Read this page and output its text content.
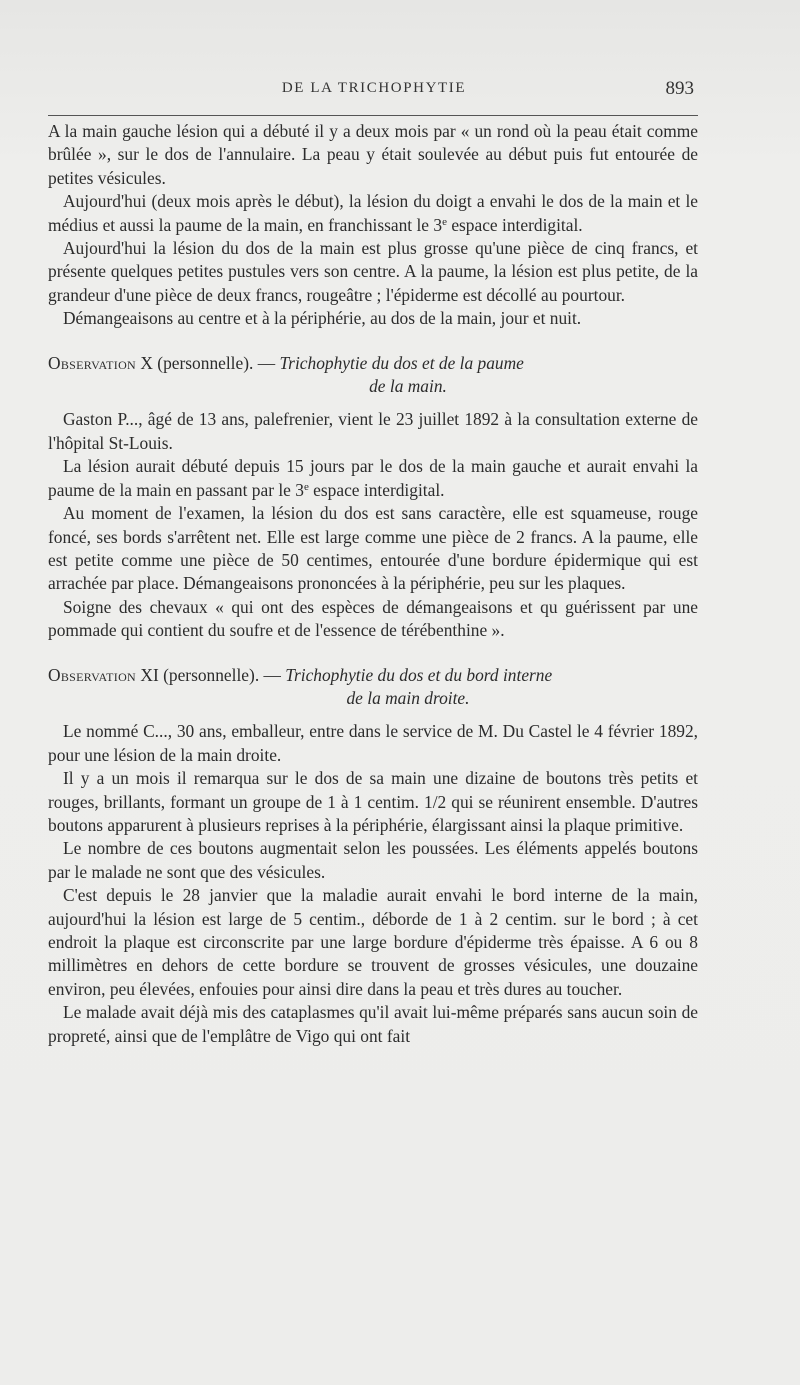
DE LA TRICHOPHYTIE	893

A la main gauche lésion qui a débuté il y a deux mois par « un rond où la peau était comme brûlée », sur le dos de l'annulaire. La peau y était soulevée au début puis fut entourée de petites vésicules.

Aujourd'hui (deux mois après le début), la lésion du doigt a envahi le dos de la main et le médius et aussi la paume de la main, en franchissant le 3e espace interdigital.

Aujourd'hui la lésion du dos de la main est plus grosse qu'une pièce de cinq francs, et présente quelques petites pustules vers son centre. A la paume, la lésion est plus petite, de la grandeur d'une pièce de deux francs, rougeâtre ; l'épiderme est décollé au pourtour.

Démangeaisons au centre et à la périphérie, au dos de la main, jour et nuit.

Observation X (personnelle). — Trichophytie du dos et de la paume
de la main.

Gaston P..., âgé de 13 ans, palefrenier, vient le 23 juillet 1892 à la consultation externe de l'hôpital St-Louis.

La lésion aurait débuté depuis 15 jours par le dos de la main gauche et aurait envahi la paume de la main en passant par le 3e espace interdigital.

Au moment de l'examen, la lésion du dos est sans caractère, elle est squameuse, rouge foncé, ses bords s'arrêtent net. Elle est large comme une pièce de 2 francs. A la paume, elle est petite comme une pièce de 50 centimes, entourée d'une bordure épidermique qui est arrachée par place. Démangeaisons prononcées à la périphérie, peu sur les plaques.

Soigne des chevaux « qui ont des espèces de démangeaisons et qu guérissent par une pommade qui contient du soufre et de l'essence de térébenthine ».

Observation XI (personnelle). — Trichophytie du dos et du bord interne
de la main droite.

Le nommé C..., 30 ans, emballeur, entre dans le service de M. Du Castel le 4 février 1892, pour une lésion de la main droite.

Il y a un mois il remarqua sur le dos de sa main une dizaine de boutons très petits et rouges, brillants, formant un groupe de 1 à 1 centim. 1/2 qui se réunirent ensemble. D'autres boutons apparurent à plusieurs reprises à la périphérie, élargissant ainsi la plaque primitive.

Le nombre de ces boutons augmentait selon les poussées. Les éléments appelés boutons par le malade ne sont que des vésicules.

C'est depuis le 28 janvier que la maladie aurait envahi le bord interne de la main, aujourd'hui la lésion est large de 5 centim., déborde de 1 à 2 centim. sur le bord ; à cet endroit la plaque est circonscrite par une large bordure d'épiderme très épaisse. A 6 ou 8 millimètres en dehors de cette bordure se trouvent de grosses vésicules, une douzaine environ, peu élevées, enfouies pour ainsi dire dans la peau et très dures au toucher.

Le malade avait déjà mis des cataplasmes qu'il avait lui-même préparés sans aucun soin de propreté, ainsi que de l'emplâtre de Vigo qui ont fait
